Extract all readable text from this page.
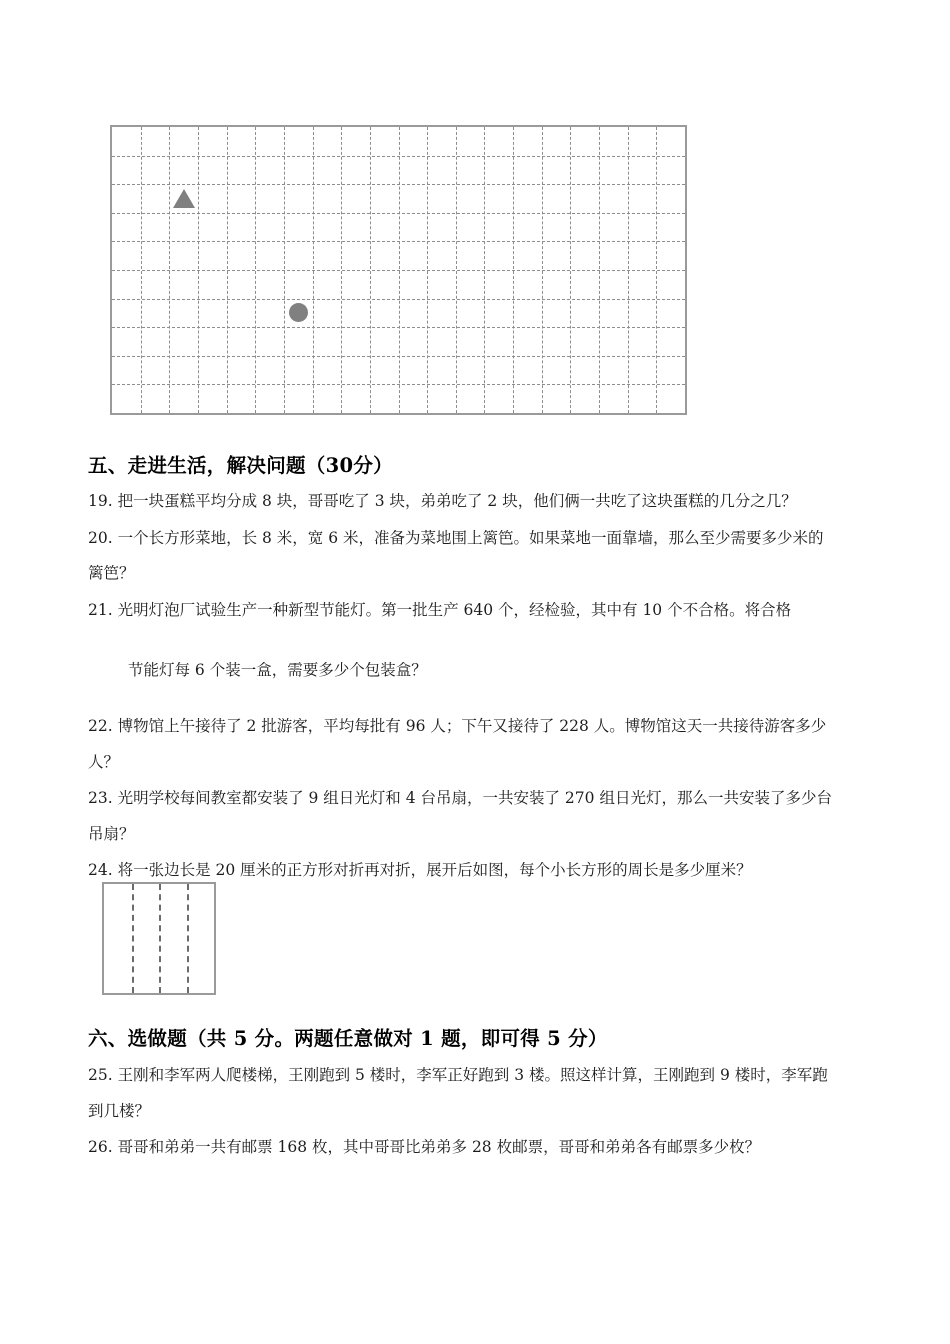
五、走进生活，解决问题（30分）
19. 把一块蛋糕平均分成 8 块，哥哥吃了 3 块，弟弟吃了 2 块，他们俩一共吃了这块蛋糕的几分之几？
20. 一个长方形菜地，长 8 米，宽 6 米，准备为菜地围上篱笆。如果菜地一面靠墙，那么至少需要多少米的
篱笆？
21. 光明灯泡厂试验生产一种新型节能灯。第一批生产 640 个，经检验，其中有 10 个不合格。将合格
节能灯每 6 个装一盒，需要多少个包装盒？
22. 博物馆上午接待了 2 批游客，平均每批有 96 人；下午又接待了 228 人。博物馆这天一共接待游客多少
人？
23. 光明学校每间教室都安装了 9 组日光灯和 4 台吊扇，一共安装了 270 组日光灯，那么一共安装了多少台
吊扇？
24. 将一张边长是 20 厘米的正方形对折再对折，展开后如图，每个小长方形的周长是多少厘米？
六、选做题（共 5 分。两题任意做对 1 题，即可得 5 分）
25. 王刚和李军两人爬楼梯，王刚跑到 5 楼时，李军正好跑到 3 楼。照这样计算，王刚跑到 9 楼时，李军跑
到几楼？
26. 哥哥和弟弟一共有邮票 168 枚，其中哥哥比弟弟多 28 枚邮票，哥哥和弟弟各有邮票多少枚？
